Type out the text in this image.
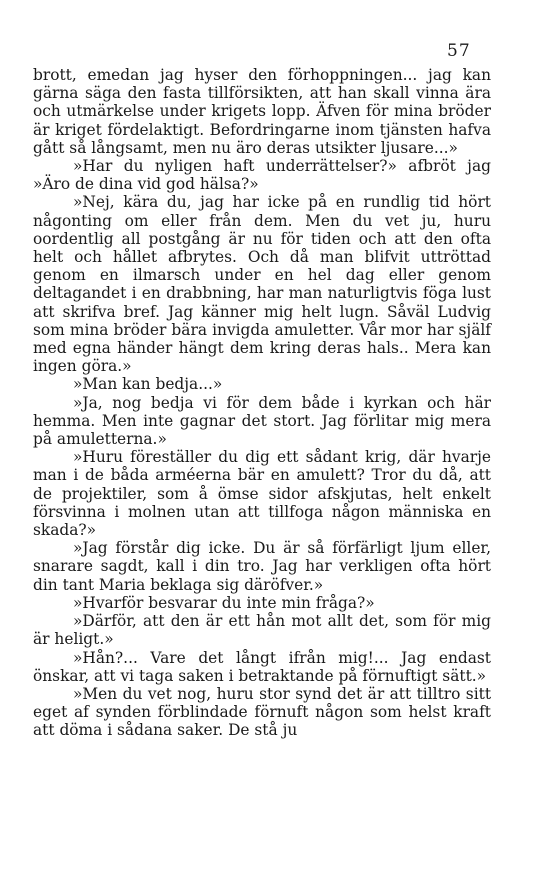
57

brott, emedan jag hyser den förhoppningen... jag kan gärna säga den fasta tillförsikten, att han skall vinna ära och utmärkelse under krigets lopp. Äfven för mina bröder är kriget fördelaktigt. Befordringarne inom tjänsten hafva gått så långsamt, men nu äro deras utsikter ljusare...»

»Har du nyligen haft underrättelser?» afbröt jag »Äro de dina vid god hälsa?»

»Nej, kära du, jag har icke på en rundlig tid hört någonting om eller från dem. Men du vet ju, huru oordentlig all postgång är nu för tiden och att den ofta helt och hållet afbrytes. Och då man blifvit uttröttad genom en ilmarsch under en hel dag eller genom deltagandet i en drabbning, har man naturligtvis föga lust att skrifva bref. Jag känner mig helt lugn. Såväl Ludvig som mina bröder bära invigda amuletter. Vår mor har själf med egna händer hängt dem kring deras hals.. Mera kan ingen göra.»

»Man kan bedja...»

»Ja, nog bedja vi för dem både i kyrkan och här hemma. Men inte gagnar det stort. Jag förlitar mig mera på amuletterna.»

»Huru föreställer du dig ett sådant krig, där hvarje man i de båda arméerna bär en amulett? Tror du då, att de projektiler, som å ömse sidor afskjutas, helt enkelt försvinna i molnen utan att tillfoga någon människa en skada?»

»Jag förstår dig icke. Du är så förfärligt ljum eller, snarare sagdt, kall i din tro. Jag har verkligen ofta hört din tant Maria beklaga sig däröfver.»

»Hvarför besvarar du inte min fråga?»

»Därför, att den är ett hån mot allt det, som för mig är heligt.»

»Hån?... Vare det långt ifrån mig!... Jag endast önskar, att vi taga saken i betraktande på förnuftigt sätt.»

»Men du vet nog, huru stor synd det är att tilltro sitt eget af synden förblindade förnuft någon som helst kraft att döma i sådana saker. De stå ju
